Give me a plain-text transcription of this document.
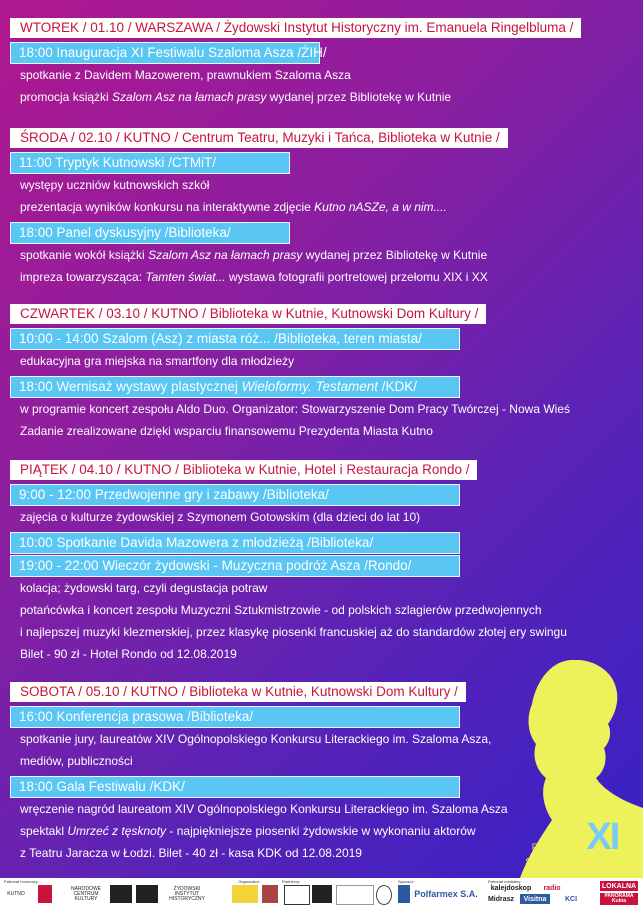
WTOREK / 01.10 / WARSZAWA / Żydowski Instytut Historyczny im. Emanuela Ringelbluma /
18:00 Inauguracja XI Festiwalu Szaloma Asza /ŻIH/
spotkanie z Davidem Mazowerem, prawnukiem Szaloma Asza
promocja książki Szalom Asz na łamach prasy wydanej przez Bibliotekę w Kutnie
ŚRODA / 02.10 / KUTNO / Centrum Teatru, Muzyki i Tańca, Biblioteka w Kutnie /
11:00 Tryptyk Kutnowski /CTMiT/
występy uczniów kutnowskich szkół
prezentacja wyników konkursu na interaktywne zdjęcie Kutno nASZe, a w nim....
18:00 Panel dyskusyjny /Biblioteka/
spotkanie wokół książki Szalom Asz na łamach prasy wydanej przez Bibliotekę w Kutnie
impreza towarzysząca: Tamten świat... wystawa fotografii portretowej przełomu XIX i XX
CZWARTEK / 03.10 / KUTNO / Biblioteka w Kutnie, Kutnowski Dom Kultury /
10:00 - 14:00 Szalom (Asz) z miasta róż... /Biblioteka, teren miasta/
edukacyjna gra miejska na smartfony dla młodzieży
18:00 Wernisaż wystawy plastycznej Wieloformy. Testament /KDK/
w programie koncert zespołu Aldo Duo. Organizator: Stowarzyszenie Dom Pracy Twórczej - Nowa Wieś
Zadanie zrealizowane dzięki wsparciu finansowemu Prezydenta Miasta Kutno
PIĄTEK / 04.10 / KUTNO / Biblioteka w Kutnie, Hotel i Restauracja Rondo /
9:00 - 12:00 Przedwojenne gry i zabawy /Biblioteka/
zajęcia o kulturze żydowskiej z Szymonem Gotowskim (dla dzieci do lat 10)
10:00 Spotkanie Davida Mazowera z młodzieżą /Biblioteka/
19:00 - 22:00 Wieczór żydowski - Muzyczna podróż Asza /Rondo/
kolacja; żydowski targ, czyli degustacja potraw
potańcówka i koncert zespołu Muzyczni Sztukmistrzowie - od polskich szlagierów przedwojennych
i najlepszej muzyki klezmerskiej, przez klasykę piosenki francuskiej aż do standardów złotej ery swingu
Bilet - 90 zł - Hotel Rondo od 12.08.2019
SOBOTA / 05.10 / KUTNO / Biblioteka w Kutnie, Kutnowski Dom Kultury /
16:00 Konferencja prasowa /Biblioteka/
spotkanie jury, laureatów XIV Ogólnopolskiego Konkursu Literackiego im. Szaloma Asza,
mediów, publiczności
18:00 Gala Festiwalu /KDK/
wręczenie nagród laureatom XIV Ogólnopolskiego Konkursu Literackiego im. Szaloma Asza
spektakl Umrzeć z tęsknoty - najpiękniejsze piosenki żydowskie w wykonaniu aktorów
z Teatru Jaracza w Łodzi. Bilet - 40 zł - kasa KDK od 12.08.2019	FESTIWAL XI
SZALOMA ASZA
Patronat honorowy:	Organizator:	Partnerzy:	Sponsor:	Patronat medialny:
KUTNO
NARODOWE CENTRUM KULTURY
ŻYDOWSKI INSTYTUT HISTORYCZNY	Polfarmex S.A.
kalejdoskop	radio	LOKALNA
Midrasz	Visitna	KCI	PANORAMA Kutna
